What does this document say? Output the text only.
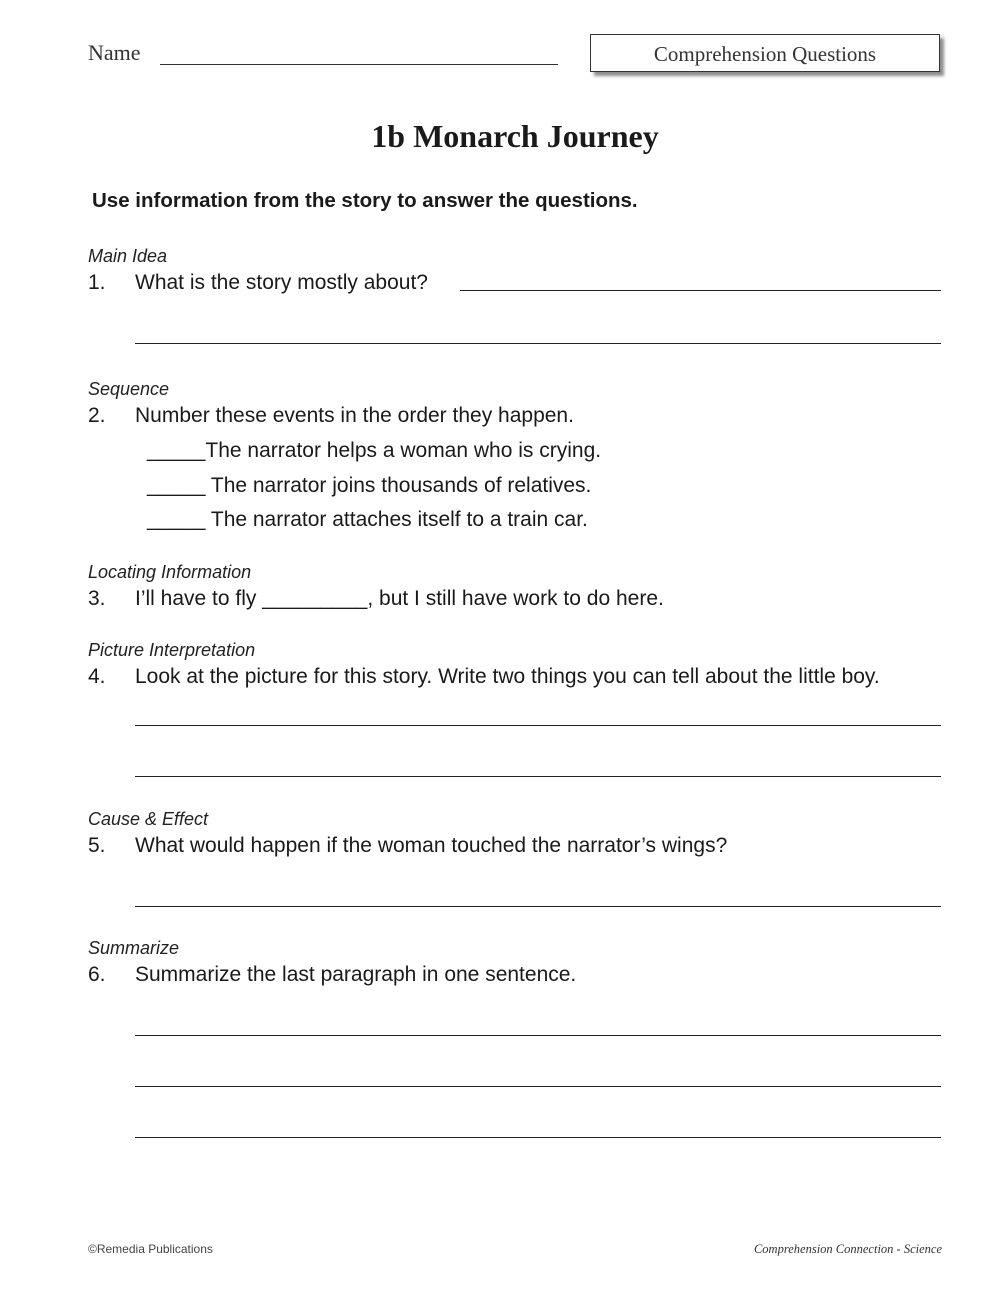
Name	Comprehension Questions
1b Monarch Journey
Use information from the story to answer the questions.
Main Idea
1. What is the story mostly about?
Sequence
2. Number these events in the order they happen.
_____The narrator helps a woman who is crying.
_____ The narrator joins thousands of relatives.
_____ The narrator attaches itself to a train car.
Locating Information
3. I’ll have to fly _________, but I still have work to do here.
Picture Interpretation
4. Look at the picture for this story. Write two things you can tell about the little boy.
Cause & Effect
5. What would happen if the woman touched the narrator’s wings?
Summarize
6. Summarize the last paragraph in one sentence.
©Remedia Publications	Comprehension Connection - Science
